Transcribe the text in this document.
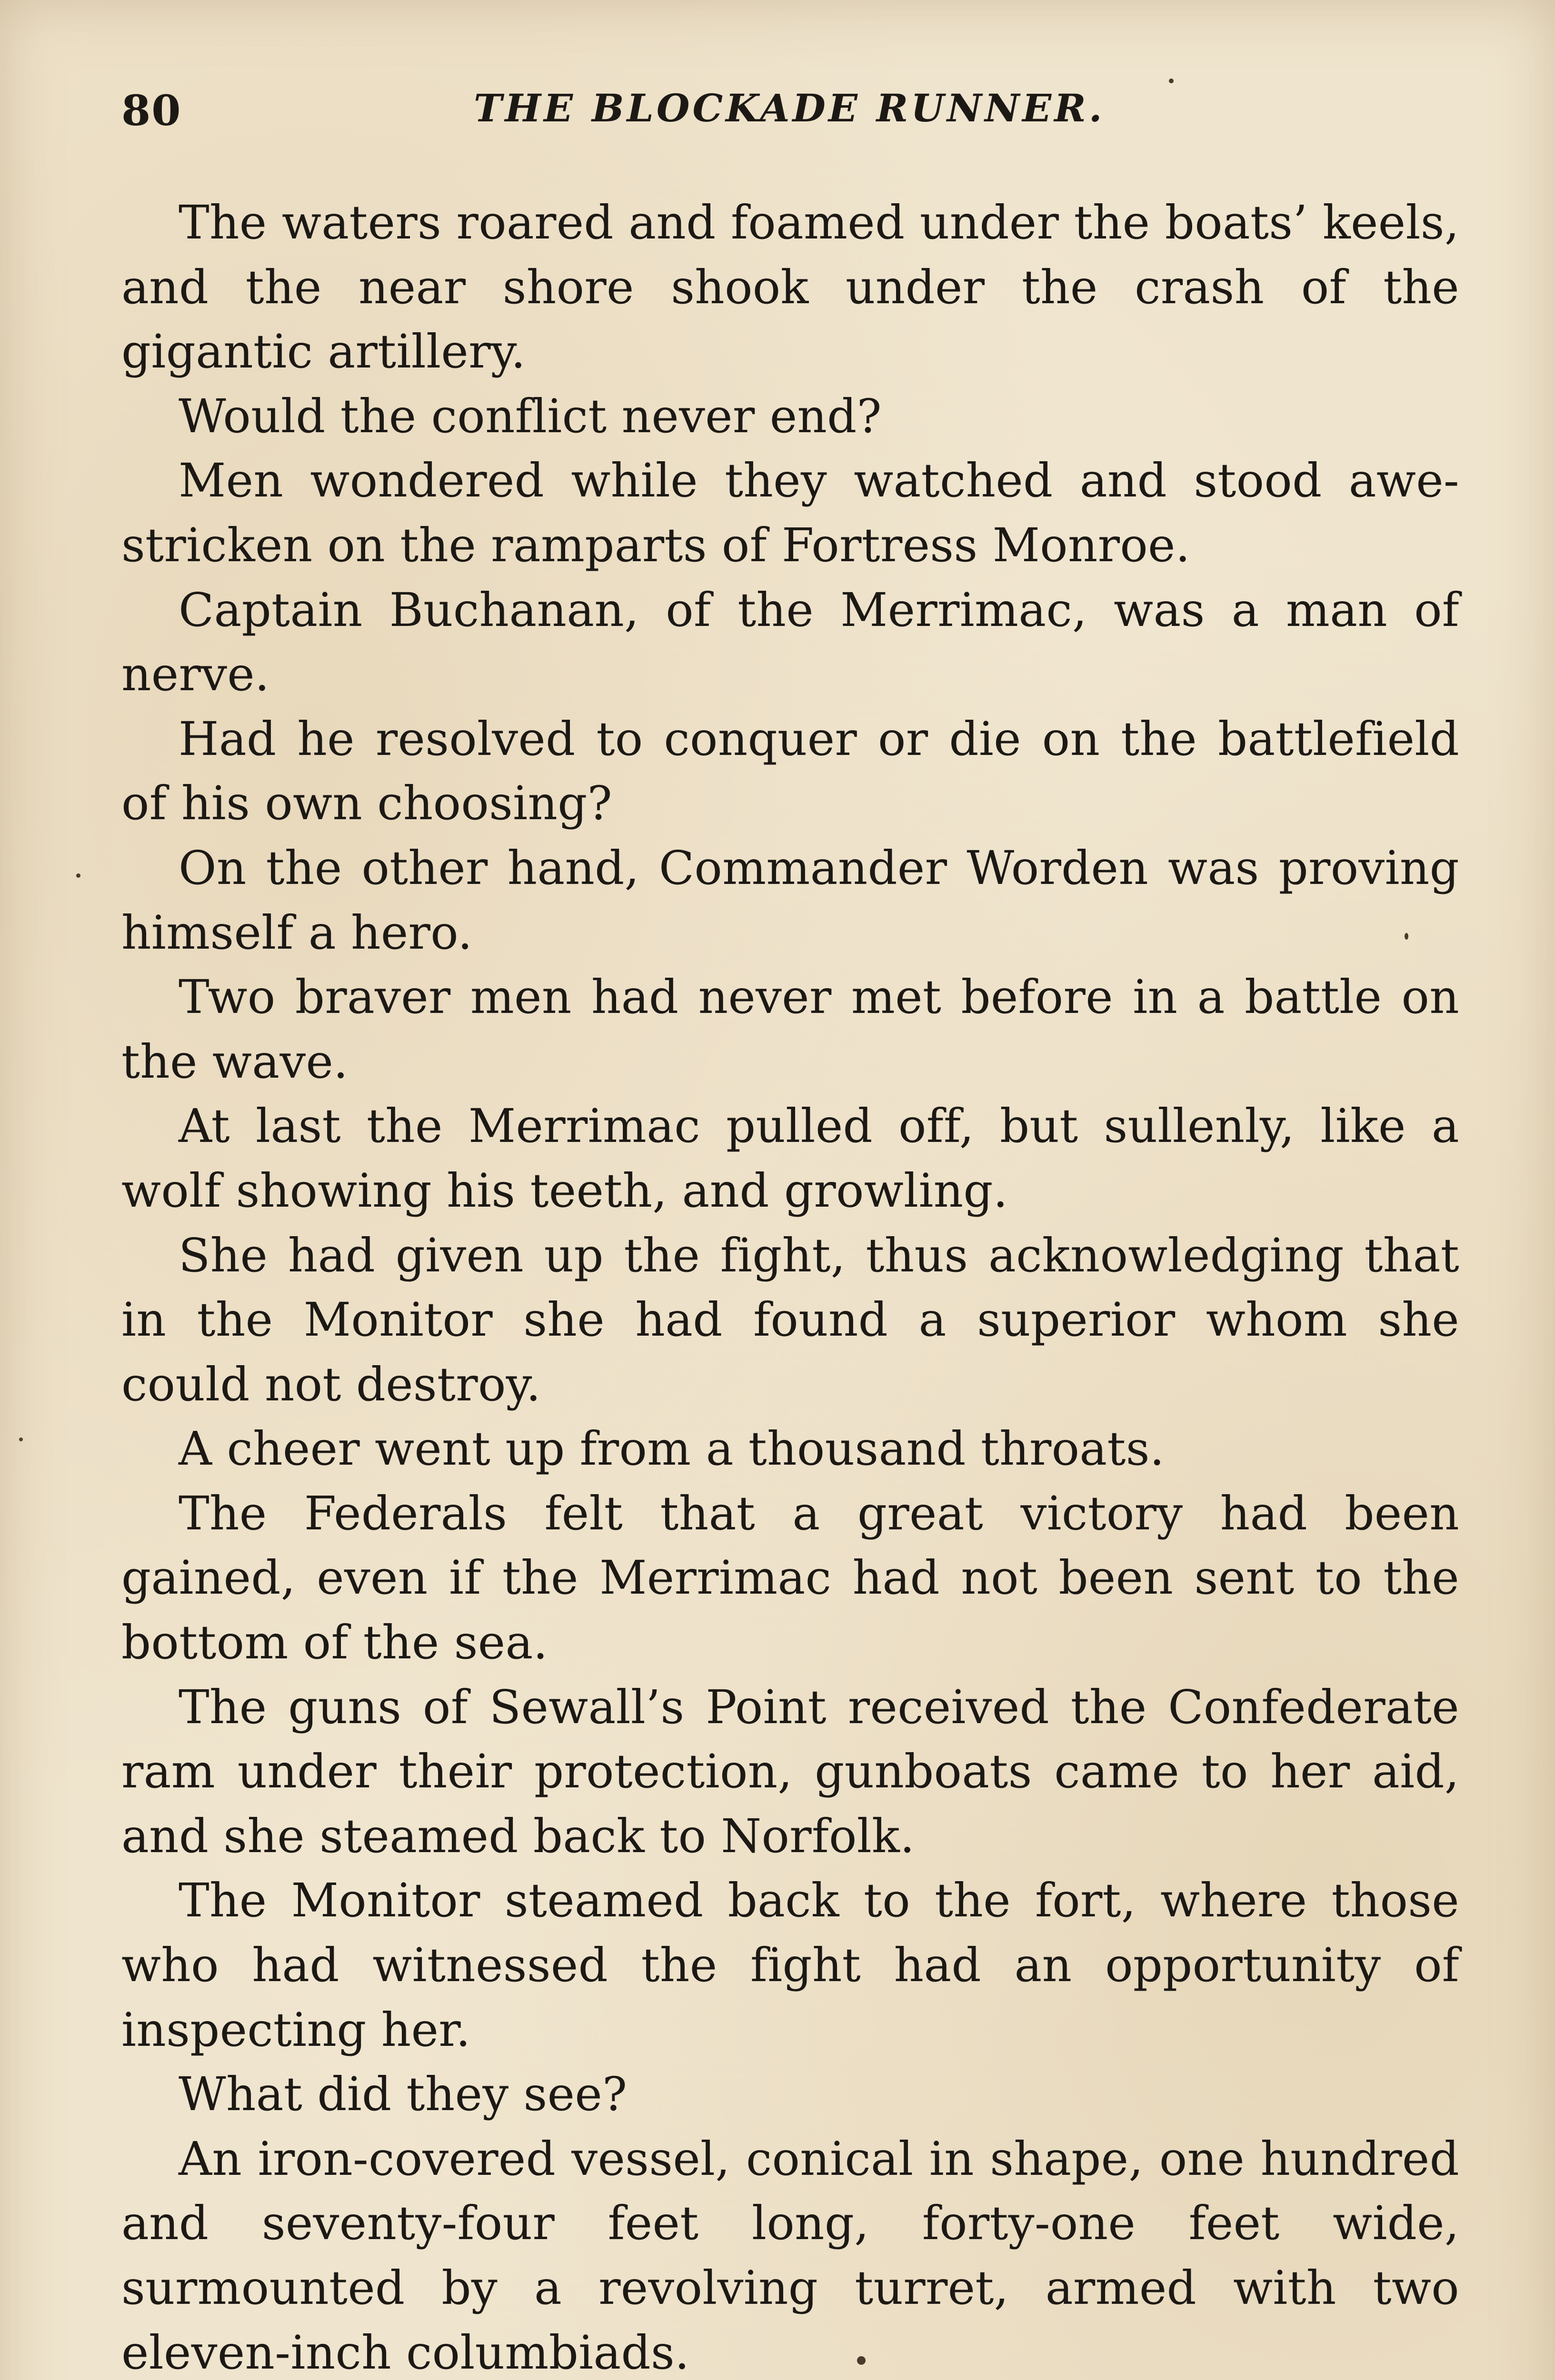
80	THE BLOCKADE RUNNER.

The waters roared and foamed under the boats’ keels, and the near shore shook under the crash of the gigantic artillery.

Would the conflict never end?

Men wondered while they watched and stood awe-stricken on the ramparts of Fortress Monroe.

Captain Buchanan, of the Merrimac, was a man of nerve.

Had he resolved to conquer or die on the battlefield of his own choosing?

On the other hand, Commander Worden was proving himself a hero.

Two braver men had never met before in a battle on the wave.

At last the Merrimac pulled off, but sullenly, like a wolf showing his teeth, and growling.

She had given up the fight, thus acknowledging that in the Monitor she had found a superior whom she could not destroy.

A cheer went up from a thousand throats.

The Federals felt that a great victory had been gained, even if the Merrimac had not been sent to the bottom of the sea.

The guns of Sewall’s Point received the Confederate ram under their protection, gunboats came to her aid, and she steamed back to Norfolk.

The Monitor steamed back to the fort, where those who had witnessed the fight had an opportunity of inspecting her.

What did they see?

An iron-covered vessel, conical in shape, one hundred and seventy-four feet long, forty-one feet wide, surmounted by a revolving turret, armed with two eleven-inch columbiads.
